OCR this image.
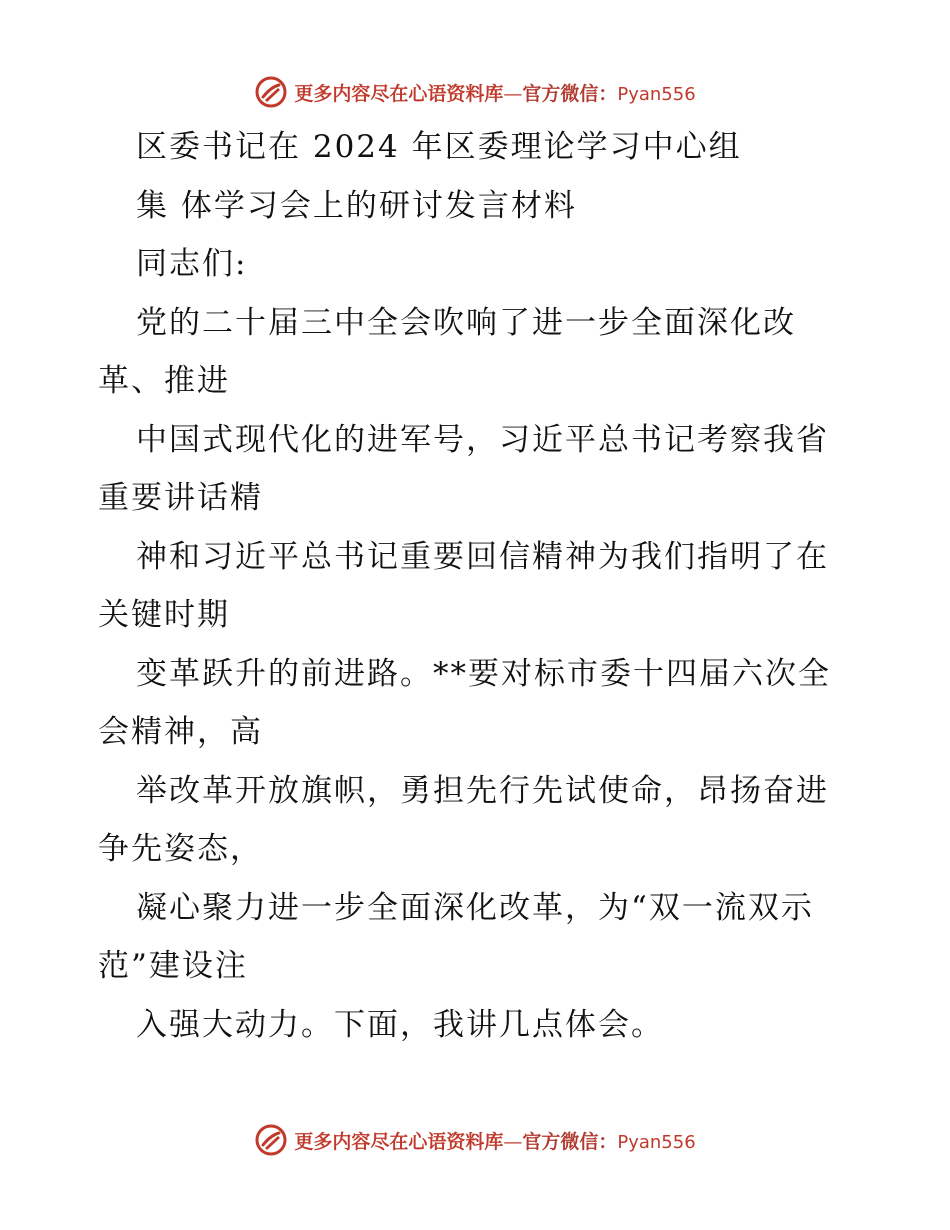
更多内容尽在心语资料库 — 官方微信： Pyan556
区委书记在 2024 年区委理论学习中心组
集 体学习会上的研讨发言材料
同志们:
党的二十届三中全会吹响了进一步全面深化改
革、推进
中国式现代化的进军号，习近平总书记考察我省
重要讲话精
神和习近平总书记重要回信精神为我们指明了在
关键时期
变革跃升的前进路。**要对标市委十四届六次全
会精神，高
举改革开放旗帜，勇担先行先试使命，昂扬奋进
争先姿态，
凝心聚力进一步全面深化改革，为“双一流双示
范”建设注
入强大动力。下面，我讲几点体会。
更多内容尽在心语资料库 — 官方微信： Pyan556
